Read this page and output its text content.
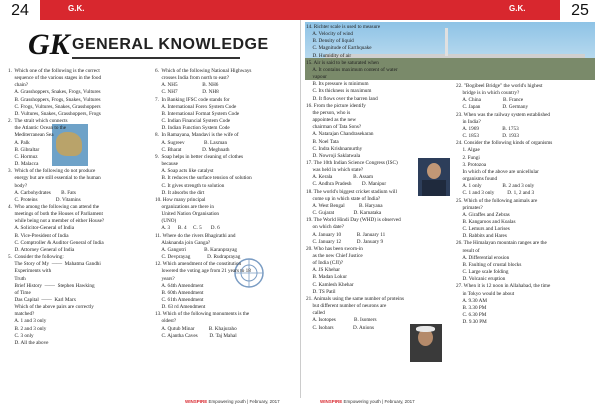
24	25
G.K.	G.K.
GK GENERAL KNOWLEDGE
1.  Which one of the following is the correct
sequence of the various stages in the food
chain?
A. Grasshoppers, Snakes, Frogs, Vultures
B. Grasshoppers, Frogs, Snakes, Vultures
C. Frogs, Vultures, Snakes, Grasshoppers
D. Vultures, Snakes, Grasshoppers, Frogs
2.  The strait which connects
the Atlantic Ocean to the
Mediterranean Sea
A. Palk
B. Gibraltar
C. Hormuz
D. Malacca
3.  Which of the following do not produce
energy but are still essential to the human
body?
A. Carbohydrates        B. Fats
C. Proteins              D. Vitamins
4.  Who among the following can attend the
meetings of both the Houses of Parliament
while being not a member of either House?
A. Solicitor-General of India
B. Vice-President of India
C. Comptroller & Auditor General of India
D. Attorney General of India
5.  Consider the following:
The Story of My  ——  Mahatma Gandhi
Experiments with
Truth
Brief History  ——  Stephen Hawking
of Time
Das Capital  ——  Karl Marx
Which of the above pairs are correctly
matched?
A. 1 and 3 only
B. 2 and 3 only
C. 3 only
D. All the above
6.  Which of the following National Highways
crosses India from north to east?
A. NH5                   B. NH6
C. NH7                   D. NH8
7.  In Banking IFSC code stands for
A. International Forex System Code
B. International Format System Code
C. Indian Financial System Code
D. Indian Function System Code
8.  In Ramayana, Mandavi is the wife of
A. Sugreev               B. Laxman
C. Bharat                D. Meghnath
9.  Soap helps in better cleaning of clothes
because
A. Soap acts like catalyst
B. It reduces the surface tension of solution
C. It gives strength to solution
D. It absorbs the dirt
10. How many principal
organizations are there in
United Nation Organisation
(UNO)
A. 3      B. 4     C. 5       D. 6
11. Where do the rivers Bhagirathi and
Alaknanda join Ganga?
A. Gangotri              B. Karanprayag
C. Devprayag             D. Rudraprayag
12. Which amendment of the constitution
lowered the voting age from 21 years to 18
years?
A. 64th Amendment
B. 60th Amendment
C. 61th Amendment
D. 63 rd Amendment
13. Which of the following monuments is the
oldest?
A. Qutub Minar           B. Khajuraho
C. Ajantha Caves         D. Taj Mahal
14. Richter scale is used to measure
A. Velocity of wind
B. Density of liquid
C. Magnitude of Earthquake
D. Humidity of air
15. Air is said to be saturated when
A. It contains maximum content of water
vapour
B. Its pressure is minimum
C. Its thickness is maximum
D. It flows over the barren land
16. From the picture identify
the person, who is
appointed as the new
chairman of Tata Sons?
A. Natarajan Chandrasekaran
B. Noel Tata
C. Indra Krishnamurthy
D. Nowroji Saklatwala
17. The 10th Indian Science Congress (ISC)
was held in which state?
A. Kerala                B. Assam
C. Andhra Pradesh        D. Manipur
18. The world's biggest cricket stadium will
come up in which state of India?
A. West Bengal           B. Haryana
C. Gujarat               D. Karnataka
19. The World Hindi Day (WHD) is observed
on which date?
A. January 10            B. January 11
C. January 12            D. January 9
20. Who has been sworn-in
as the new Chief Justice
of India (CJI)?
A. JS Khehar
B. Madan Lokur
C. Kamlesh Khehar
D. TS Patil
21. Animals using the same number of proteins
but different number of neurons are
called
A. Isotopes              B. Isomers
C. Isobars               D. Anions
22. "Bogibeel Bridge" the world's highest
bridge is in which country?
A. China                 B. France
C. Japan                 D. Germany
23. When was the railway system established
in India?
A. 1969                  B. 1753
C. 1853                  D. 1933
24. Consider the following kinds of organisms
1. Algae
2. Fungi
3. Protozoa
In which of the above are unicellular
organisms found
A. 1 only                B. 2 and 3 only
C. 1 and 3 only          D. 1, 2 and 3
25. Which of the following animals are
primates?
A. Giraffes and Zebras
B. Kangaroos and Koalas
C. Lemurs and Lorises
D. Rabbits and Hares
26. The Himalayan mountain ranges are the
result of
A. Differential erosion
B. Faulting of crustal blocks
C. Large scale folding
D. Volcanic eruption
27. When it is 12 noon in Allahabad, the time
in Tokyo would be about
A. 9.30 AM
B. 3.30 PM
C. 6.30 PM
D. 9.30 PM
WINSPIRE Empowering youth | February, 2017	WINSPIRE Empowering youth | February, 2017
